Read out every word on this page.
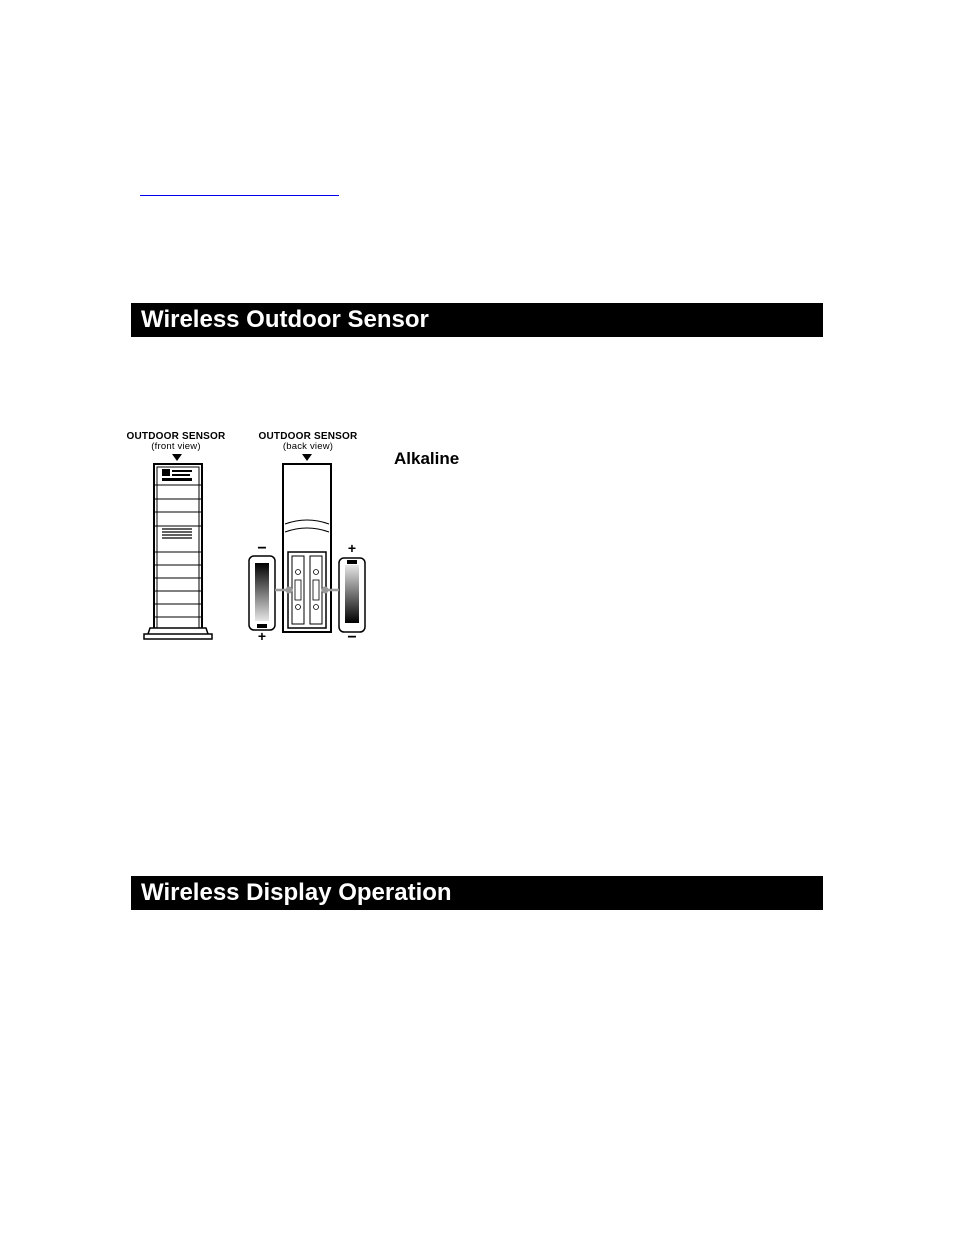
Wireless Outdoor Sensor
OUTDOOR SENSOR
(front view)
OUTDOOR SENSOR
(back view)
−
+
+
−
Alkaline
Wireless Display Operation
